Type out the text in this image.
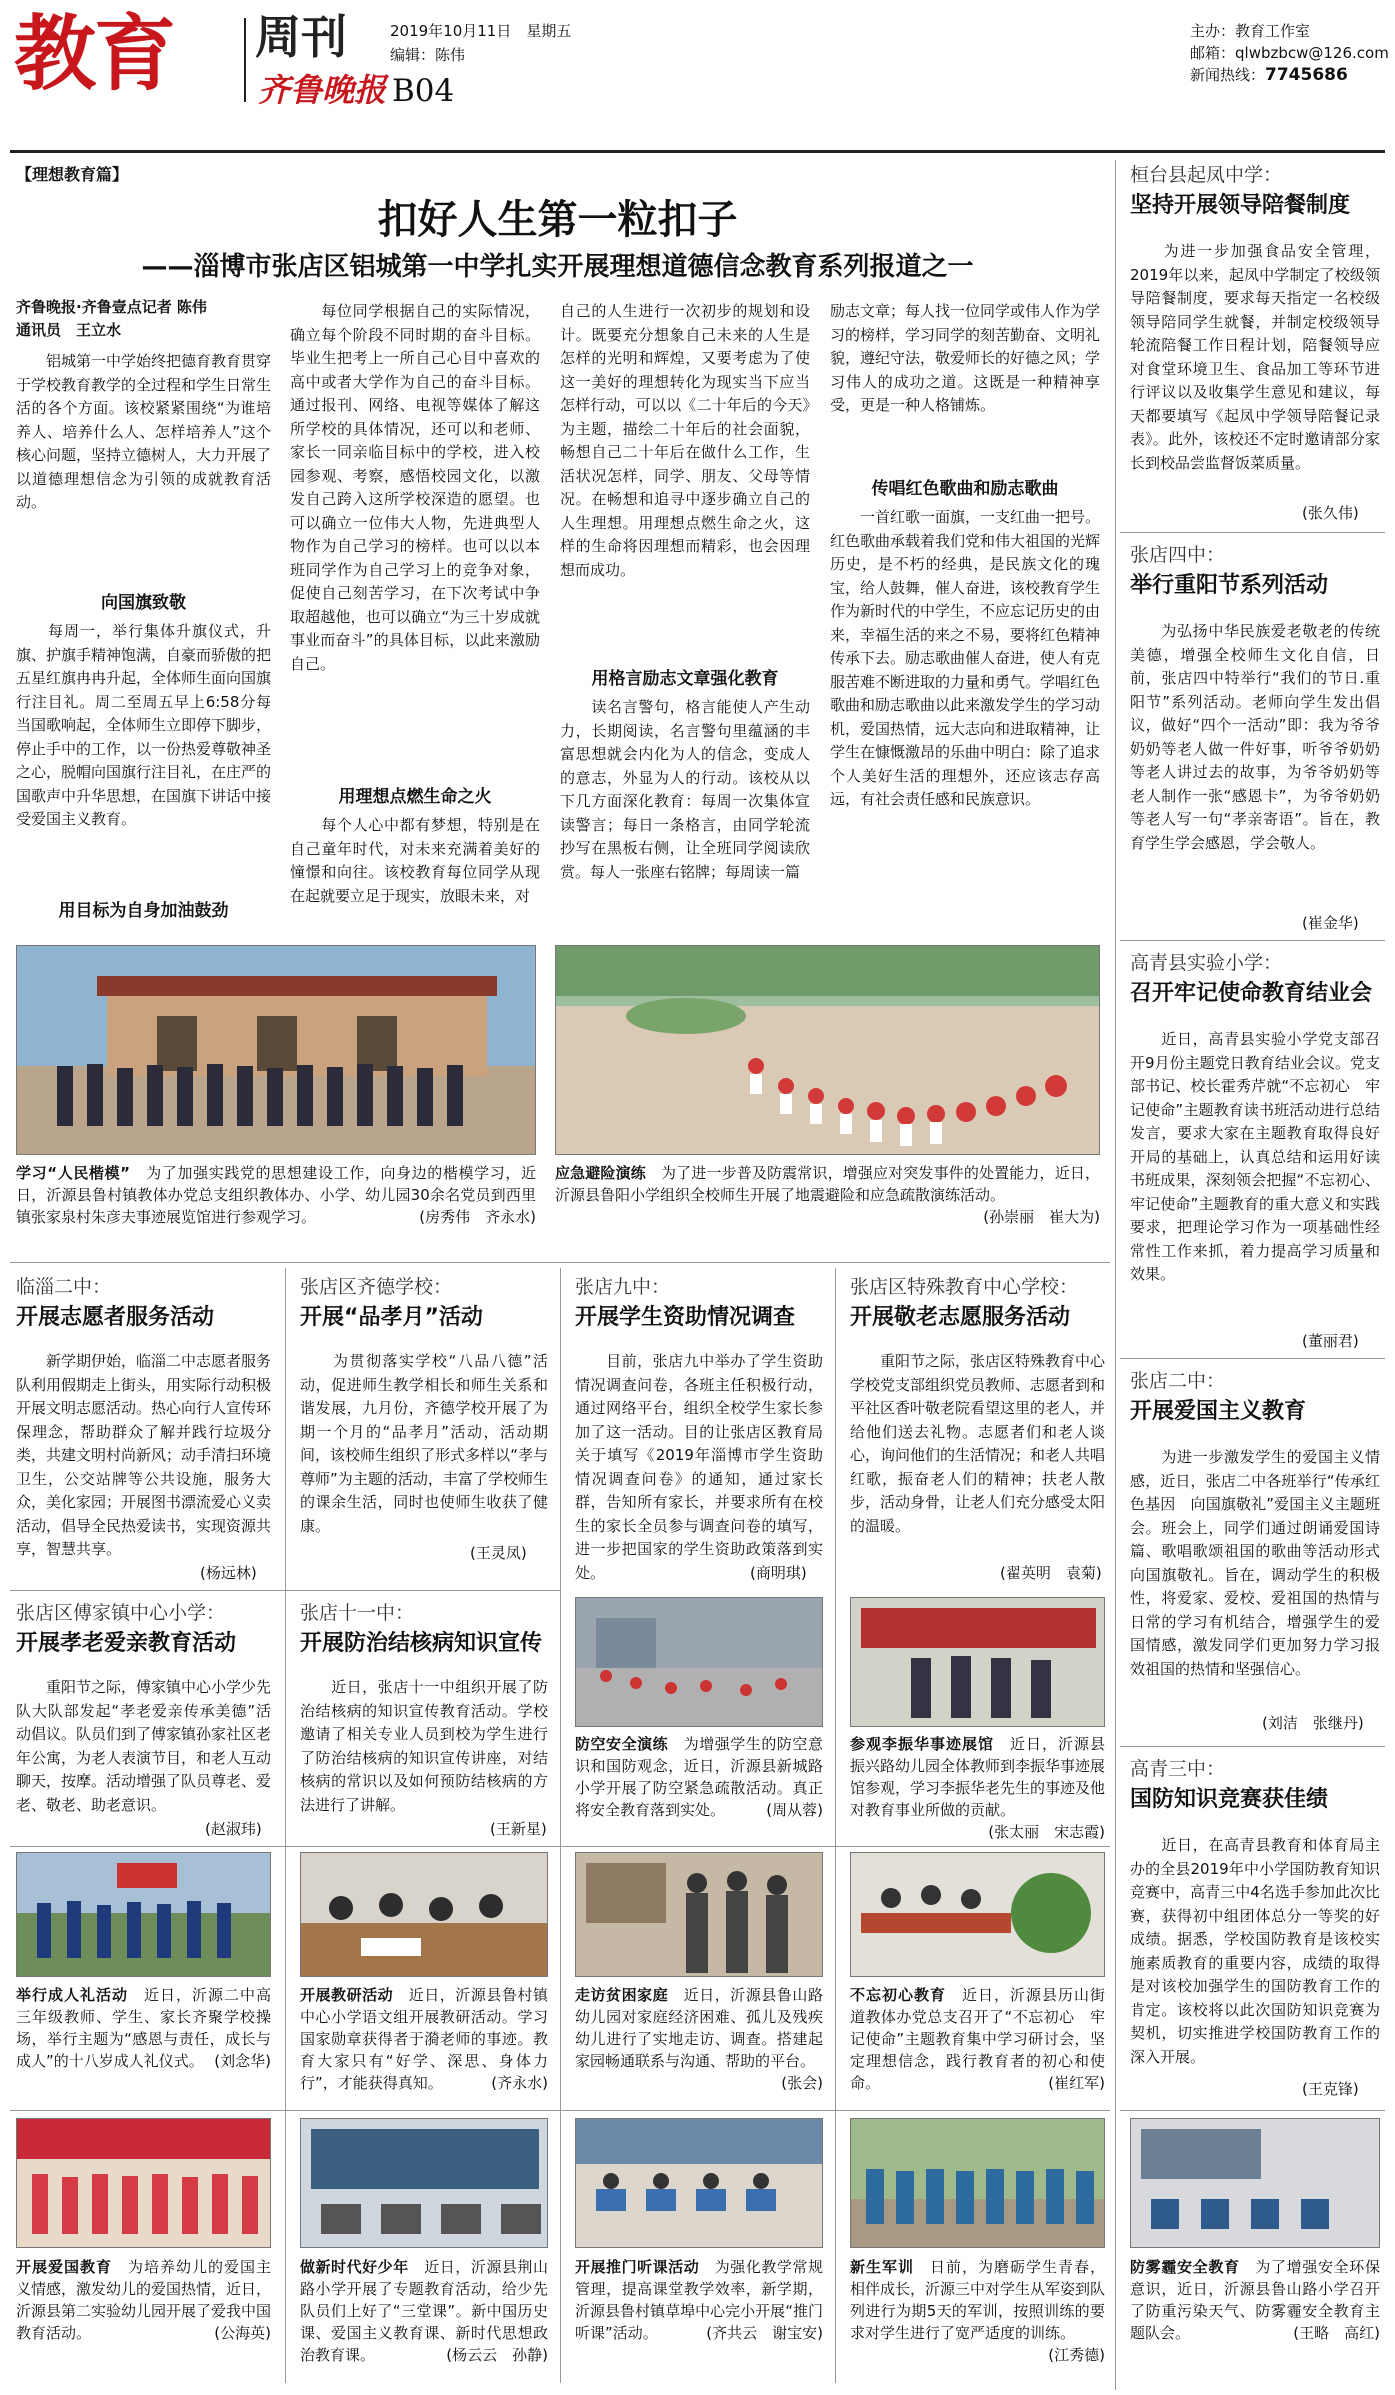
教育 周刊
齐鲁晚报 B04
2019年10月11日　星期五
编辑：陈伟
主办：教育工作室
邮箱：qlwbzbcw@126.com
新闻热线：7745686
【理想教育篇】
扣好人生第一粒扣子
——淄博市张店区铝城第一中学扎实开展理想道德信念教育系列报道之一
齐鲁晚报·齐鲁壹点记者 陈伟
通讯员　王立水
　　铝城第一中学始终把德育教育贯穿于学校教育教学的全过程和学生日常生活的各个方面。该校紧紧围绕“为谁培养人、培养什么人、怎样培养人”这个核心问题，坚持立德树人，大力开展了以道德理想信念为引领的成就教育活动。
向国旗致敬
　　每周一，举行集体升旗仪式，升旗、护旗手精神饱满，自豪而骄傲的把五星红旗冉冉升起，全体师生面向国旗行注目礼。周二至周五早上6:58分每当国歌响起，全体师生立即停下脚步，停止手中的工作，以一份热爱尊敬神圣之心，脱帽向国旗行注目礼，在庄严的国歌声中升华思想，在国旗下讲话中接受爱国主义教育。
用目标为自身加油鼓劲
　　每位同学根据自己的实际情况，确立每个阶段不同时期的奋斗目标。毕业生把考上一所自己心目中喜欢的高中或者大学作为自己的奋斗目标。通过报刊、网络、电视等媒体了解这所学校的具体情况，还可以和老师、家长一同亲临目标中的学校，进入校园参观、考察，感悟校园文化，以激发自己跨入这所学校深造的愿望。也可以确立一位伟大人物，先进典型人物作为自己学习的榜样。也可以以本班同学作为自己学习上的竞争对象，促使自己刻苦学习，在下次考试中争取超越他，也可以确立“为三十岁成就事业而奋斗”的具体目标，以此来激励自己。
用理想点燃生命之火
　　每个人心中都有梦想，特别是在自己童年时代，对未来充满着美好的憧憬和向往。该校教育每位同学从现在起就要立足于现实，放眼未来，对
自己的人生进行一次初步的规划和设计。既要充分想象自己未来的人生是怎样的光明和辉煌，又要考虑为了使这一美好的理想转化为现实当下应当怎样行动，可以以《二十年后的今天》为主题，描绘二十年后的社会面貌，畅想自己二十年后在做什么工作，生活状况怎样，同学、朋友、父母等情况。在畅想和追寻中逐步确立自己的人生理想。用理想点燃生命之火，这样的生命将因理想而精彩，也会因理想而成功。
用格言励志文章强化教育
　　读名言警句，格言能使人产生动力，长期阅读，名言警句里蕴涵的丰富思想就会内化为人的信念，变成人的意志，外显为人的行动。该校从以下几方面深化教育：每周一次集体宣读警言；每日一条格言，由同学轮流抄写在黑板右侧，让全班同学阅读欣赏。每人一张座右铭牌；每周读一篇
励志文章；每人找一位同学或伟人作为学习的榜样，学习同学的刻苦勤奋、文明礼貌，遵纪守法，敬爱师长的好德之风；学习伟人的成功之道。这既是一种精神享受，更是一种人格铺炼。
传唱红色歌曲和励志歌曲
　　一首红歌一面旗，一支红曲一把号。红色歌曲承载着我们党和伟大祖国的光辉历史，是不朽的经典，是民族文化的瑰宝，给人鼓舞，催人奋进，该校教育学生作为新时代的中学生，不应忘记历史的由来，幸福生活的来之不易，要将红色精神传承下去。励志歌曲催人奋进，使人有克服苦难不断进取的力量和勇气。学唱红色歌曲和励志歌曲以此来激发学生的学习动机，爱国热情，远大志向和进取精神，让学生在慷慨激昂的乐曲中明白：除了追求个人美好生活的理想外，还应该志存高远，有社会责任感和民族意识。
学习“人民楷模”　 为了加强实践党的思想建设工作，向身边的楷模学习，近日，沂源县鲁村镇教体办党总支组织教体办、小学、幼儿园30余名党员到西里镇张家泉村朱彦夫事迹展览馆进行参观学习。	(房秀伟　齐永水)
应急避险演练　 为了进一步普及防震常识，增强应对突发事件的处置能力，近日，沂源县鲁阳小学组织全校师生开展了地震避险和应急疏散演练活动。
(孙崇丽　崔大为)
临淄二中：
开展志愿者服务活动
　　新学期伊始，临淄二中志愿者服务队利用假期走上街头，用实际行动积极开展文明志愿活动。热心向行人宣传环保理念，帮助群众了解并践行垃圾分类，共建文明村尚新风；动手清扫环境卫生，公交站牌等公共设施，服务大众，美化家园；开展图书漂流爱心义卖活动，倡导全民热爱读书，实现资源共享，智慧共享。
(杨远林)
张店区齐德学校：
开展“品孝月”活动
　　为贯彻落实学校“八品八德”活动，促进师生教学相长和师生关系和谐发展，九月份，齐德学校开展了为期一个月的“品孝月”活动，活动期间，该校师生组织了形式多样以“孝与尊师”为主题的活动，丰富了学校师生的课余生活，同时也使师生收获了健康。
(王灵凤)
张店九中：
开展学生资助情况调查
　　目前，张店九中举办了学生资助情况调查问卷，各班主任积极行动，通过网络平台，组织全校学生家长参加了这一活动。目的让张店区教育局关于填写《2019年淄博市学生资助情况调查问卷》的通知，通过家长群，告知所有家长，并要求所有在校生的家长全员参与调查问卷的填写，进一步把国家的学生资助政策落到实处。	(商明琪)
张店区特殊教育中心学校：
开展敬老志愿服务活动
　　重阳节之际，张店区特殊教育中心学校党支部组织党员教师、志愿者到和平社区香叶敬老院看望这里的老人，并给他们送去礼物。志愿者们和老人谈心，询问他们的生活情况；和老人共唱红歌，振奋老人们的精神；扶老人散步，活动身骨，让老人们充分感受太阳的温暖。
(翟英明　袁菊)
张店区傅家镇中心小学：
开展孝老爱亲教育活动
　　重阳节之际，傅家镇中心小学少先队大队部发起“孝老爱亲传承美德”活动倡议。队员们到了傅家镇孙家社区老年公寓，为老人表演节目，和老人互动聊天，按摩。活动增强了队员尊老、爱老、敬老、助老意识。
(赵淑玮)
张店十一中：
开展防治结核病知识宣传
　　近日，张店十一中组织开展了防治结核病的知识宣传教育活动。学校邀请了相关专业人员到校为学生进行了防治结核病的知识宣传讲座，对结核病的常识以及如何预防结核病的方法进行了讲解。
(王新星)
防空安全演练　 为增强学生的防空意识和国防观念，近日，沂源县新城路小学开展了防空紧急疏散活动。真正将安全教育落到实处。	(周从蓉)
参观李振华事迹展馆　 近日，沂源县振兴路幼儿园全体教师到李振华事迹展馆参观，学习李振华老先生的事迹及他对教育事业所做的贡献。
(张太丽　宋志霞)
举行成人礼活动　 近日，沂源二中高三年级教师、学生、家长齐聚学校操场，举行主题为“感恩与责任，成长与成人”的十八岁成人礼仪式。 (刘念华)
开展教研活动　 近日，沂源县鲁村镇中心小学语文组开展教研活动。学习国家勋章获得者于漪老师的事迹。教育大家只有“好学、深思、身体力行”，才能获得真知。	(齐永水)
走访贫困家庭　 近日，沂源县鲁山路幼儿园对家庭经济困难、孤儿及残疾幼儿进行了实地走访、调查。搭建起家园畅通联系与沟通、帮助的平台。
(张会)
不忘初心教育　 近日，沂源县历山街道教体办党总支召开了“不忘初心　牢记使命”主题教育集中学习研讨会，坚定理想信念，践行教育者的初心和使命。	(崔红军)
开展爱国教育　 为培养幼儿的爱国主义情感，激发幼儿的爱国热情，近日，沂源县第二实验幼儿园开展了爱我中国教育活动。	(公海英)
做新时代好少年　 近日，沂源县荆山路小学开展了专题教育活动，给少先队员们上好了“三堂课”。新中国历史课、爱国主义教育课、新时代思想政治教育课。	(杨云云　孙静)
开展推门听课活动　 为强化教学常规管理，提高课堂教学效率，新学期，沂源县鲁村镇草埠中心完小开展“推门听课”活动。	(齐共云　谢宝安)
新生军训　 日前，为磨砺学生青春，相伴成长，沂源三中对学生从军姿到队列进行为期5天的军训，按照训练的要求对学生进行了宽严适度的训练。
(江秀德)
桓台县起凤中学：
坚持开展领导陪餐制度
　　为进一步加强食品安全管理，2019年以来，起凤中学制定了校级领导陪餐制度，要求每天指定一名校级领导陪同学生就餐，并制定校级领导轮流陪餐工作日程计划，陪餐领导应对食堂环境卫生、食品加工等环节进行评议以及收集学生意见和建议，每天都要填写《起凤中学领导陪餐记录表》。此外，该校还不定时邀请部分家长到校品尝监督饭菜质量。
(张久伟)
张店四中：
举行重阳节系列活动
　　为弘扬中华民族爱老敬老的传统美德，增强全校师生文化自信，日前，张店四中特举行“我们的节日.重阳节”系列活动。老师向学生发出倡议，做好“四个一活动”即：我为爷爷奶奶等老人做一件好事，听爷爷奶奶等老人讲过去的故事，为爷爷奶奶等老人制作一张“感恩卡”，为爷爷奶奶等老人写一句“孝亲寄语”。旨在，教育学生学会感恩，学会敬人。
(崔金华)
高青县实验小学：
召开牢记使命教育结业会
　　近日，高青县实验小学党支部召开9月份主题党日教育结业会议。党支部书记、校长霍秀芹就“不忘初心　牢记使命”主题教育读书班活动进行总结发言，要求大家在主题教育取得良好开局的基础上，认真总结和运用好读书班成果，深刻领会把握“不忘初心、牢记使命”主题教育的重大意义和实践要求，把理论学习作为一项基础性经常性工作来抓，着力提高学习质量和效果。
(董丽君)
张店二中：
开展爱国主义教育
　　为进一步激发学生的爱国主义情感，近日，张店二中各班举行“传承红色基因　向国旗敬礼”爱国主义主题班会。班会上，同学们通过朗诵爱国诗篇、歌唱歌颂祖国的歌曲等活动形式向国旗敬礼。旨在，调动学生的积极性，将爱家、爱校、爱祖国的热情与日常的学习有机结合，增强学生的爱国情感，激发同学们更加努力学习报效祖国的热情和坚强信心。
(刘洁　张继丹)
高青三中：
国防知识竞赛获佳绩
　　近日，在高青县教育和体育局主办的全县2019年中小学国防教育知识竞赛中，高青三中4名选手参加此次比赛，获得初中组团体总分一等奖的好成绩。据悉，学校国防教育是该校实施素质教育的重要内容，成绩的取得是对该校加强学生的国防教育工作的肯定。该校将以此次国防知识竞赛为契机，切实推进学校国防教育工作的深入开展。
(王克锋)
防雾霾安全教育　 为了增强安全环保意识，近日，沂源县鲁山路小学召开了防重污染天气、防雾霾安全教育主题队会。	(王略　高红)
